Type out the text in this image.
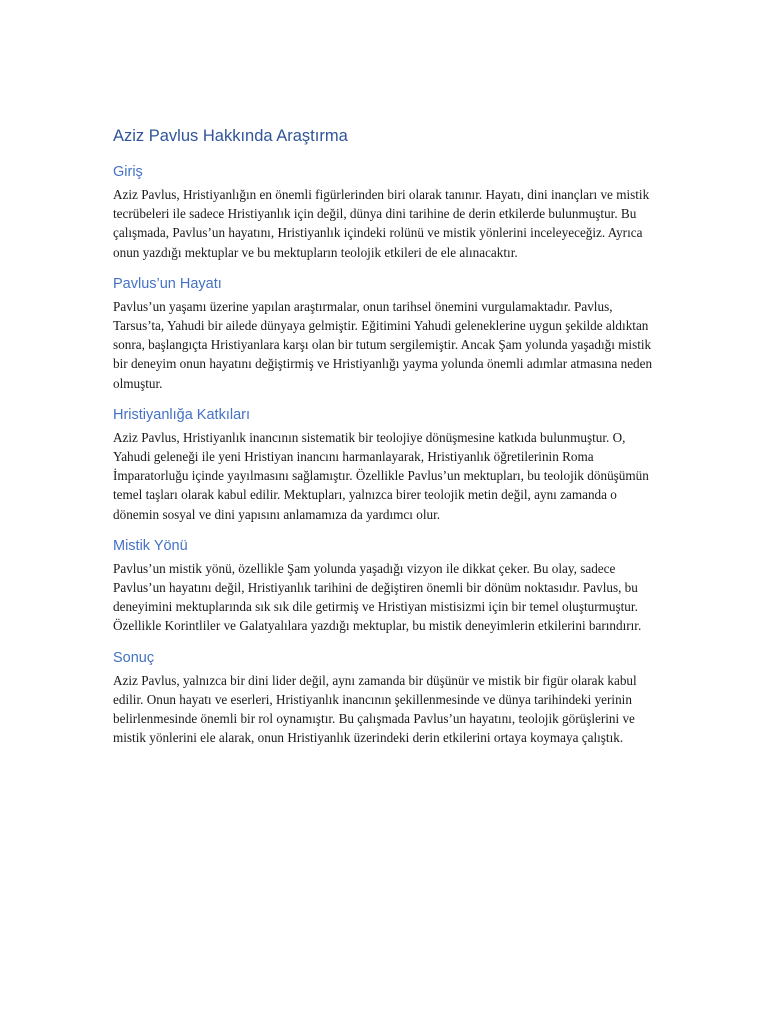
Aziz Pavlus Hakkında Araştırma
Giriş

Aziz Pavlus, Hristiyanlığın en önemli figürlerinden biri olarak tanınır. Hayatı, dini inançları ve mistik tecrübeleri ile sadece Hristiyanlık için değil, dünya dini tarihine de derin etkilerde bulunmuştur. Bu çalışmada, Pavlus’un hayatını, Hristiyanlık içindeki rolünü ve mistik yönlerini inceleyeceğiz. Ayrıca onun yazdığı mektuplar ve bu mektupların teolojik etkileri de ele alınacaktır.

Pavlus’un Hayatı

Pavlus’un yaşamı üzerine yapılan araştırmalar, onun tarihsel önemini vurgulamaktadır. Pavlus, Tarsus’ta, Yahudi bir ailede dünyaya gelmiştir. Eğitimini Yahudi geleneklerine uygun şekilde aldıktan sonra, başlangıçta Hristiyanlara karşı olan bir tutum sergilemiştir. Ancak Şam yolunda yaşadığı mistik bir deneyim onun hayatını değiştirmiş ve Hristiyanlığı yayma yolunda önemli adımlar atmasına neden olmuştur.

Hristiyanlığa Katkıları

Aziz Pavlus, Hristiyanlık inancının sistematik bir teolojiye dönüşmesine katkıda bulunmuştur. O, Yahudi geleneği ile yeni Hristiyan inancını harmanlayarak, Hristiyanlık öğretilerinin Roma İmparatorluğu içinde yayılmasını sağlamıştır. Özellikle Pavlus’un mektupları, bu teolojik dönüşümün temel taşları olarak kabul edilir. Mektupları, yalnızca birer teolojik metin değil, aynı zamanda o dönemin sosyal ve dini yapısını anlamamıza da yardımcı olur.

Mistik Yönü

Pavlus’un mistik yönü, özellikle Şam yolunda yaşadığı vizyon ile dikkat çeker. Bu olay, sadece Pavlus’un hayatını değil, Hristiyanlık tarihini de değiştiren önemli bir dönüm noktasıdır. Pavlus, bu deneyimini mektuplarında sık sık dile getirmiş ve Hristiyan mistisizmi için bir temel oluşturmuştur. Özellikle Korintliler ve Galatyalılara yazdığı mektuplar, bu mistik deneyimlerin etkilerini barındırır.

Sonuç

Aziz Pavlus, yalnızca bir dini lider değil, aynı zamanda bir düşünür ve mistik bir figür olarak kabul edilir. Onun hayatı ve eserleri, Hristiyanlık inancının şekillenmesinde ve dünya tarihindeki yerinin belirlenmesinde önemli bir rol oynamıştır. Bu çalışmada Pavlus’un hayatını, teolojik görüşlerini ve mistik yönlerini ele alarak, onun Hristiyanlık üzerindeki derin etkilerini ortaya koymaya çalıştık.
